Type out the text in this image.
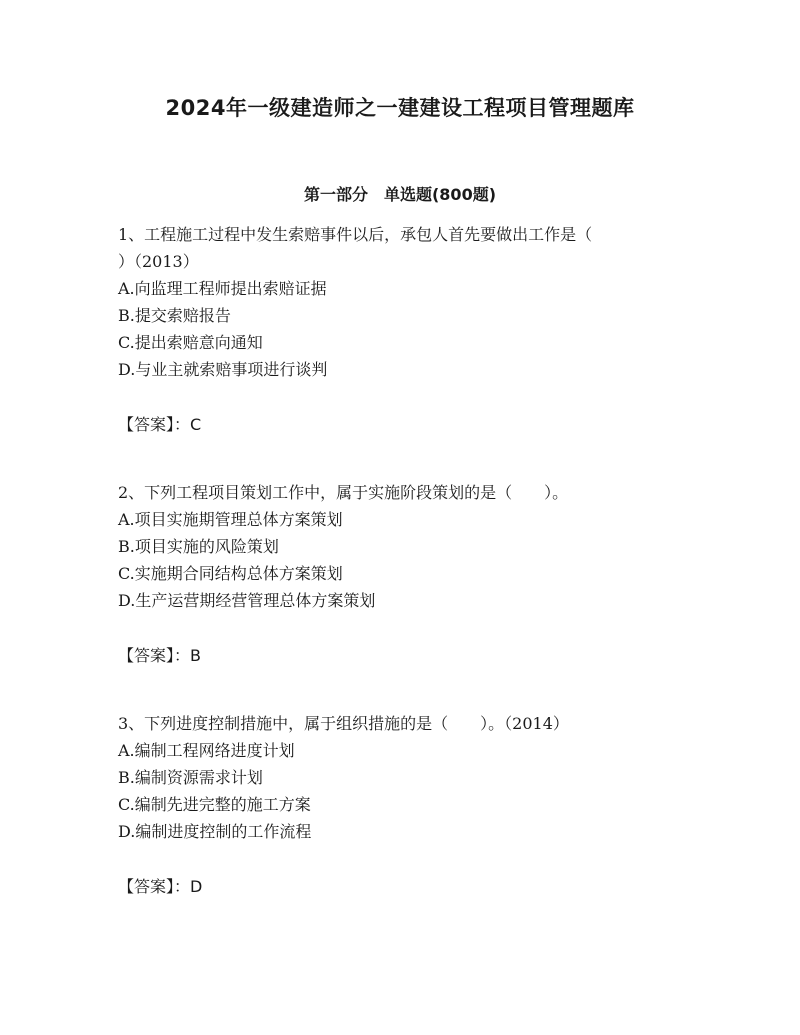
2024年一级建造师之一建建设工程项目管理题库
第一部分　单选题(800题)

1、工程施工过程中发生索赔事件以后，承包人首先要做出工作是（
）（2013）

A.向监理工程师提出索赔证据

B.提交索赔报告

C.提出索赔意向通知

D.与业主就索赔事项进行谈判

【答案】：C

2、下列工程项目策划工作中，属于实施阶段策划的是（　　）。

A.项目实施期管理总体方案策划

B.项目实施的风险策划

C.实施期合同结构总体方案策划

D.生产运营期经营管理总体方案策划

【答案】：B

3、下列进度控制措施中，属于组织措施的是（　　）。（2014）

A.编制工程网络进度计划

B.编制资源需求计划

C.编制先进完整的施工方案

D.编制进度控制的工作流程

【答案】：D
